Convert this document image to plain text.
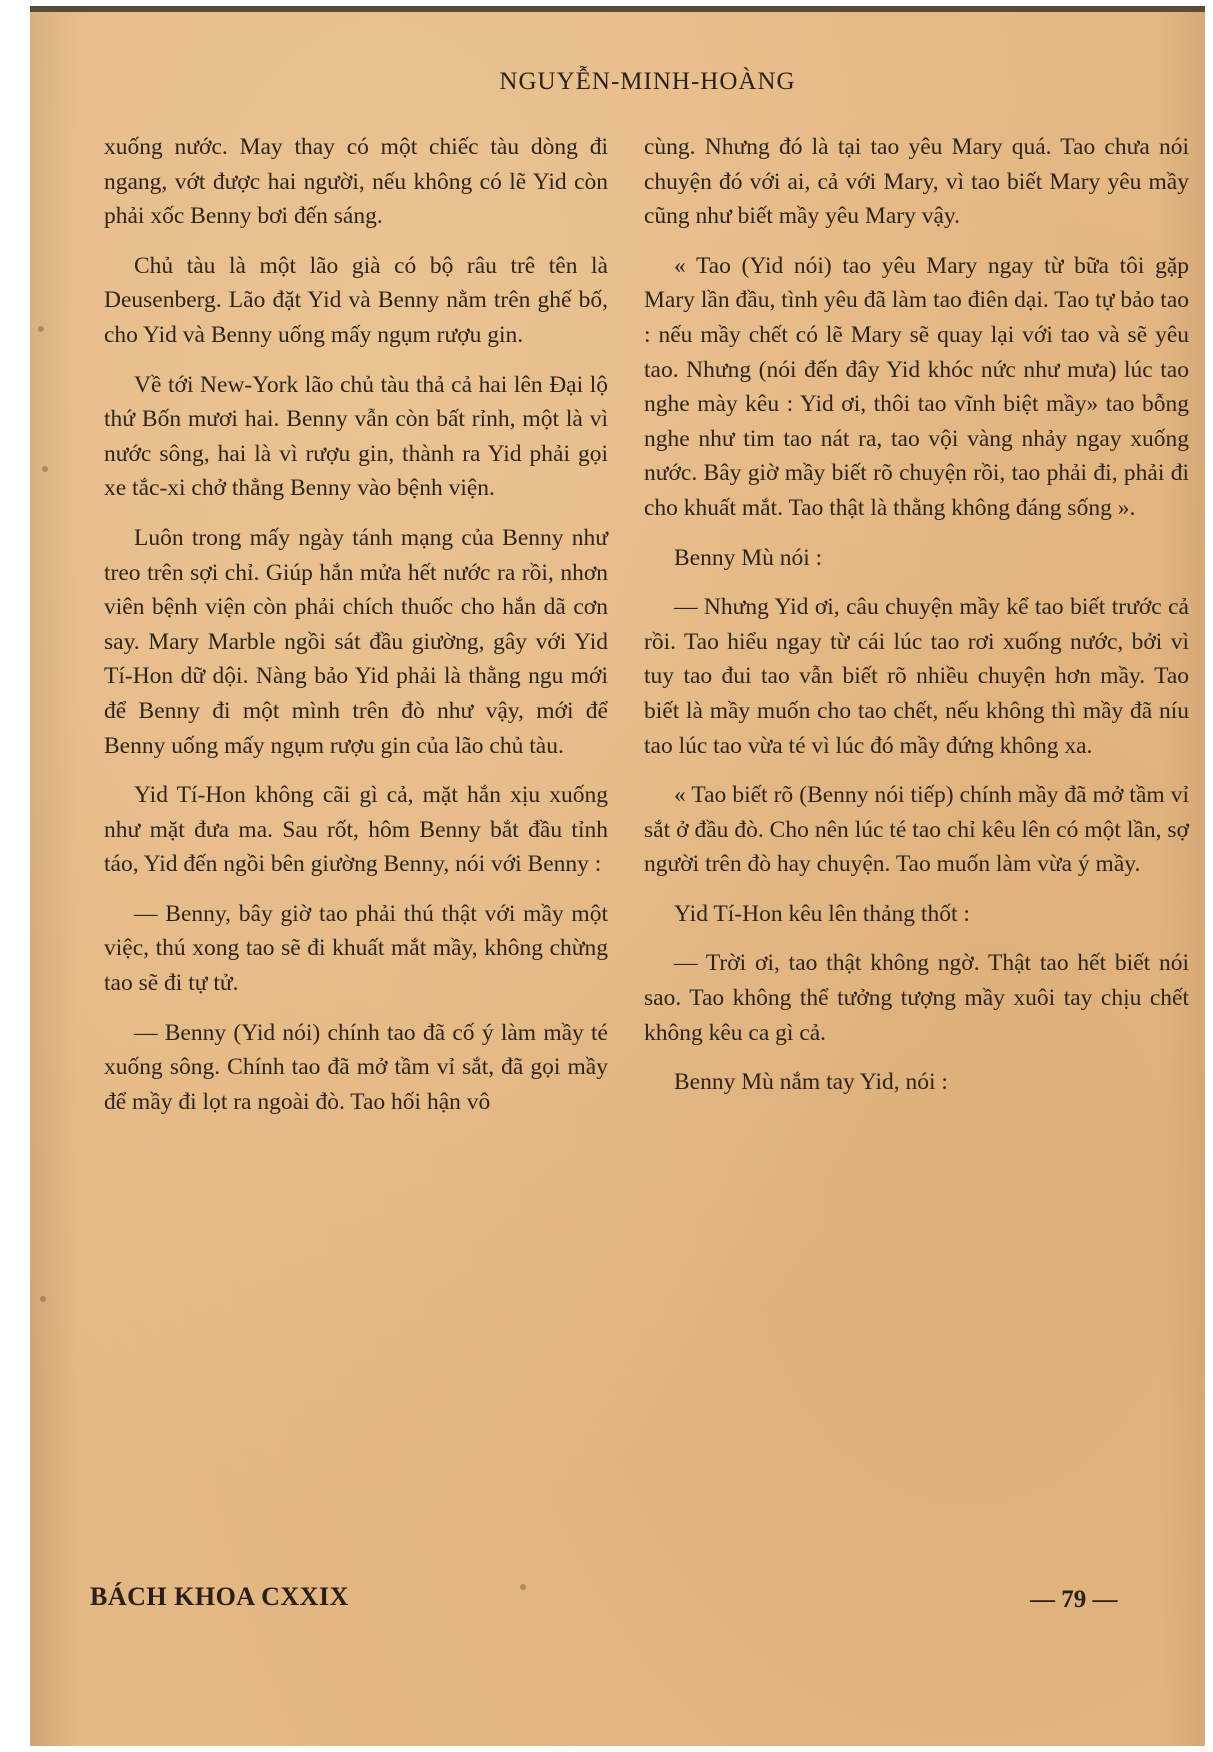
NGUYỄN-MINH-HOÀNG

xuống nước. May thay có một chiếc tàu dòng đi ngang, vớt được hai người, nếu không có lẽ Yid còn phải xốc Benny bơi đến sáng.

Chủ tàu là một lão già có bộ râu trê tên là Deusenberg. Lão đặt Yid và Benny nằm trên ghế bố, cho Yid và Benny uống mấy ngụm rượu gin.

Về tới New-York lão chủ tàu thả cả hai lên Đại lộ thứ Bốn mươi hai. Benny vẫn còn bất rỉnh, một là vì nước sông, hai là vì rượu gin, thành ra Yid phải gọi xe tắc-xi chở thẳng Benny vào bệnh viện.

Luôn trong mấy ngày tánh mạng của Benny như treo trên sợi chỉ. Giúp hắn mửa hết nước ra rồi, nhơn viên bệnh viện còn phải chích thuốc cho hắn dã cơn say. Mary Marble ngồi sát đầu giường, gây với Yid Tí-Hon dữ dội. Nàng bảo Yid phải là thằng ngu mới để Benny đi một mình trên đò như vậy, mới để Benny uống mấy ngụm rượu gin của lão chủ tàu.

Yid Tí-Hon không cãi gì cả, mặt hắn xịu xuống như mặt đưa ma. Sau rốt, hôm Benny bắt đầu tỉnh táo, Yid đến ngồi bên giường Benny, nói với Benny :

— Benny, bây giờ tao phải thú thật với mầy một việc, thú xong tao sẽ đi khuất mắt mầy, không chừng tao sẽ đi tự tử.

— Benny (Yid nói) chính tao đã cố ý làm mầy té xuống sông. Chính tao đã mở tầm vỉ sắt, đã gọi mầy để mầy đi lọt ra ngoài đò. Tao hối hận vô

cùng. Nhưng đó là tại tao yêu Mary quá. Tao chưa nói chuyện đó với ai, cả với Mary, vì tao biết Mary yêu mầy cũng như biết mầy yêu Mary vậy.

« Tao (Yid nói) tao yêu Mary ngay từ bữa tôi gặp Mary lần đầu, tình yêu đã làm tao điên dại. Tao tự bảo tao : nếu mầy chết có lẽ Mary sẽ quay lại với tao và sẽ yêu tao. Nhưng (nói đến đây Yid khóc nức như mưa) lúc tao nghe mày kêu : Yid ơi, thôi tao vĩnh biệt mầy» tao bỗng nghe như tim tao nát ra, tao vội vàng nhảy ngay xuống nước. Bây giờ mầy biết rõ chuyện rồi, tao phải đi, phải đi cho khuất mắt. Tao thật là thằng không đáng sống ».

Benny Mù nói :

— Nhưng Yid ơi, câu chuyện mầy kể tao biết trước cả rồi. Tao hiểu ngay từ cái lúc tao rơi xuống nước, bởi vì tuy tao đui tao vẫn biết rõ nhiều chuyện hơn mầy. Tao biết là mầy muốn cho tao chết, nếu không thì mầy đã níu tao lúc tao vừa té vì lúc đó mầy đứng không xa.

« Tao biết rõ (Benny nói tiếp) chính mầy đã mở tầm vỉ sắt ở đầu đò. Cho nên lúc té tao chỉ kêu lên có một lần, sợ người trên đò hay chuyện. Tao muốn làm vừa ý mầy.

Yid Tí-Hon kêu lên thảng thốt :

— Trời ơi, tao thật không ngờ. Thật tao hết biết nói sao. Tao không thể tưởng tượng mầy xuôi tay chịu chết không kêu ca gì cả.

Benny Mù nắm tay Yid, nói :

BÁCH KHOA CXXIX	— 79 —
